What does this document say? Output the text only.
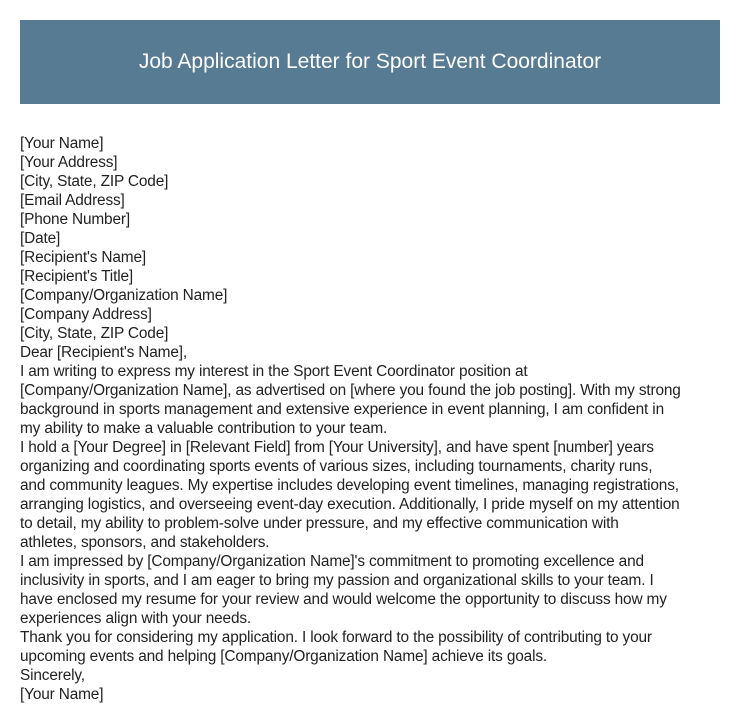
Job Application Letter for Sport Event Coordinator
[Your Name]
[Your Address]
[City, State, ZIP Code]
[Email Address]
[Phone Number]
[Date]
[Recipient's Name]
[Recipient's Title]
[Company/Organization Name]
[Company Address]
[City, State, ZIP Code]
Dear [Recipient's Name],

I am writing to express my interest in the Sport Event Coordinator position at
[Company/Organization Name], as advertised on [where you found the job posting]. With my strong
background in sports management and extensive experience in event planning, I am confident in
my ability to make a valuable contribution to your team.

I hold a [Your Degree] in [Relevant Field] from [Your University], and have spent [number] years
organizing and coordinating sports events of various sizes, including tournaments, charity runs,
and community leagues. My expertise includes developing event timelines, managing registrations,
arranging logistics, and overseeing event-day execution. Additionally, I pride myself on my attention
to detail, my ability to problem-solve under pressure, and my effective communication with
athletes, sponsors, and stakeholders.

I am impressed by [Company/Organization Name]'s commitment to promoting excellence and
inclusivity in sports, and I am eager to bring my passion and organizational skills to your team. I
have enclosed my resume for your review and would welcome the opportunity to discuss how my
experiences align with your needs.

Thank you for considering my application. I look forward to the possibility of contributing to your
upcoming events and helping [Company/Organization Name] achieve its goals.

Sincerely,
[Your Name]
